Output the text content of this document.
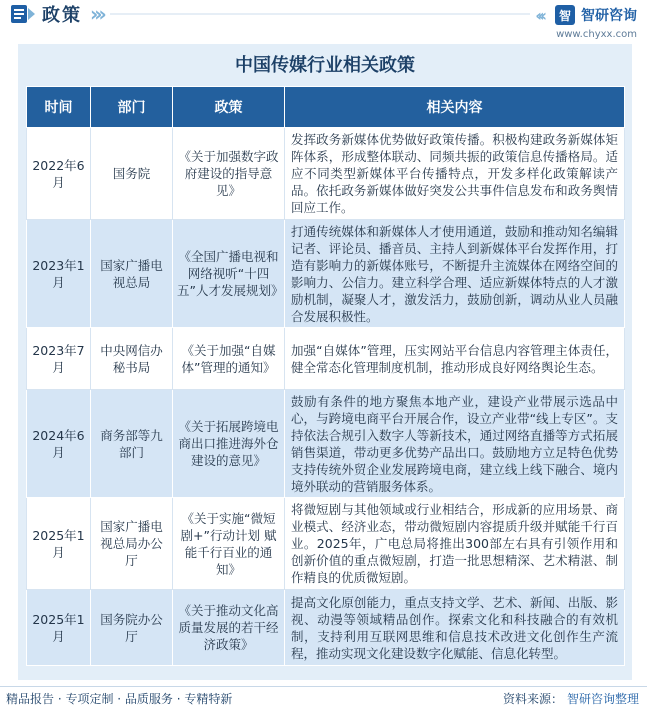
政策 ›››	‹‹‹	智 智研咨询
www.chyxx.com
中国传媒行业相关政策
时间	部门	政策	相关内容
2022年6月	国务院	《关于加强数字政府建设的指导意见》	发挥政务新媒体优势做好政策传播。积极构建政务新媒体矩阵体系，形成整体联动、同频共振的政策信息传播格局。适应不同类型新媒体平台传播特点，开发多样化政策解读产品。依托政务新媒体做好突发公共事件信息发布和政务舆情回应工作。
2023年1月	国家广播电视总局	《全国广播电视和网络视听“十四五”人才发展规划》	打通传统媒体和新媒体人才使用通道，鼓励和推动知名编辑记者、评论员、播音员、主持人到新媒体平台发挥作用，打造有影响力的新媒体账号，不断提升主流媒体在网络空间的影响力、公信力。建立科学合理、适应新媒体特点的人才激励机制，凝聚人才，激发活力，鼓励创新，调动从业人员融合发展积极性。
2023年7月	中央网信办秘书局	《关于加强“自媒体”管理的通知》	加强“自媒体”管理，压实网站平台信息内容管理主体责任，健全常态化管理制度机制，推动形成良好网络舆论生态。
2024年6月	商务部等九部门	《关于拓展跨境电商出口推进海外仓建设的意见》	鼓励有条件的地方聚焦本地产业，建设产业带展示选品中心，与跨境电商平台开展合作，设立产业带“线上专区”。支持依法合规引入数字人等新技术，通过网络直播等方式拓展销售渠道，带动更多优势产品出口。鼓励地方立足特色优势支持传统外贸企业发展跨境电商，建立线上线下融合、境内境外联动的营销服务体系。
2025年1月	国家广播电视总局办公厅	《关于实施“微短剧+”行动计划 赋能千行百业的通知》	将微短剧与其他领域或行业相结合，形成新的应用场景、商业模式、经济业态，带动微短剧内容提质升级并赋能千行百业。2025年，广电总局将推出300部左右具有引领作用和创新价值的重点微短剧，打造一批思想精深、艺术精湛、制作精良的优质微短剧。
2025年1月	国务院办公厅	《关于推动文化高质量发展的若干经济政策》	提高文化原创能力，重点支持文学、艺术、新闻、出版、影视、动漫等领域精品创作。探索文化和科技融合的有效机制，支持利用互联网思维和信息技术改进文化创作生产流程，推动实现文化建设数字化赋能、信息化转型。
精品报告 · 专项定制 · 品质服务 · 专精特新	资料来源： 智研咨询整理
